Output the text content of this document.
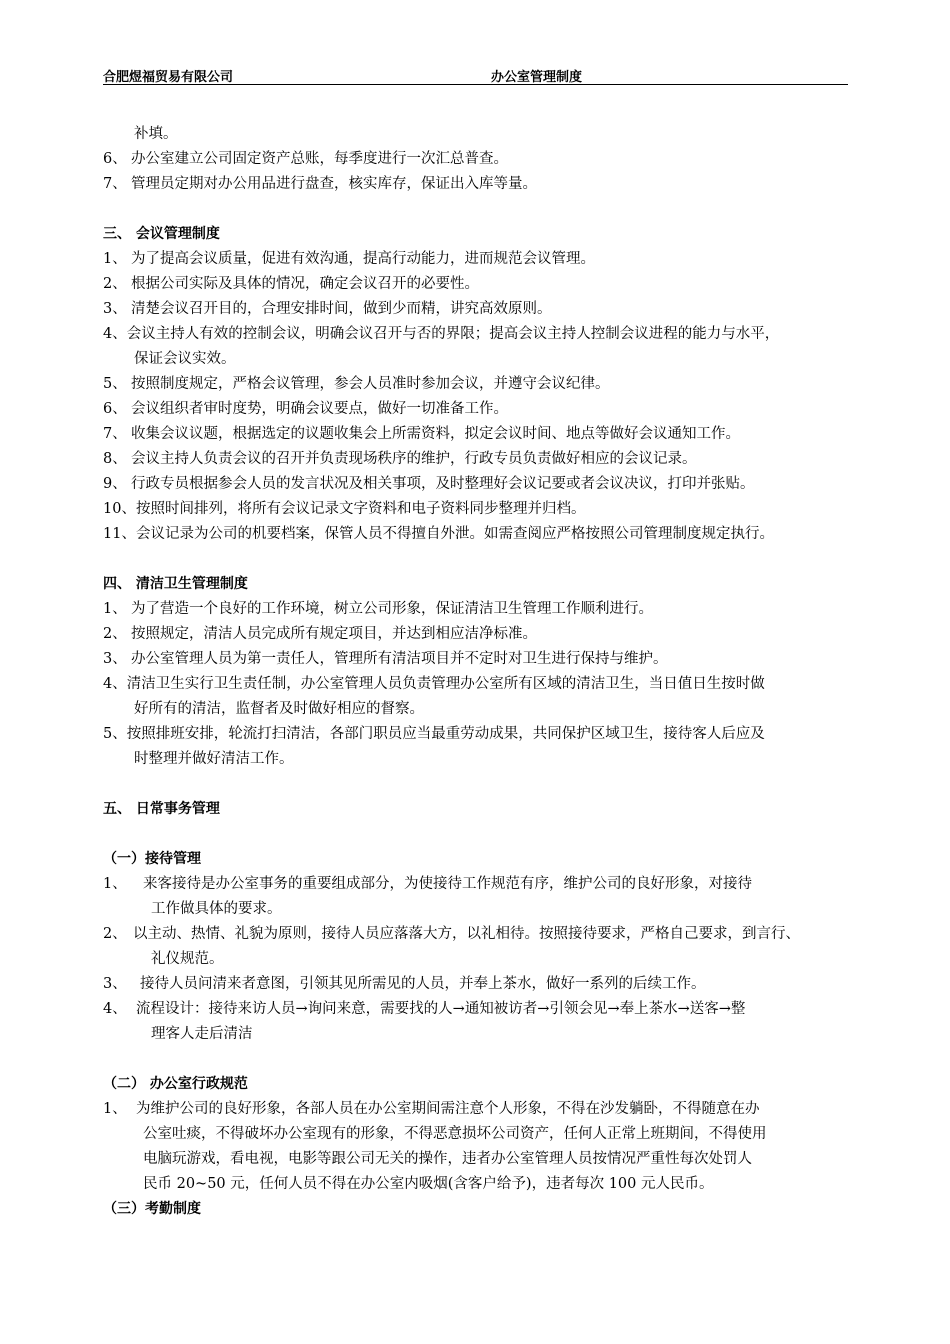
合肥煜福贸易有限公司	办公室管理制度
补填。
6、 办公室建立公司固定资产总账，每季度进行一次汇总普查。
7、 管理员定期对办公用品进行盘查，核实库存，保证出入库等量。
三、 会议管理制度
1、 为了提高会议质量，促进有效沟通，提高行动能力，进而规范会议管理。
2、 根据公司实际及具体的情况，确定会议召开的必要性。
3、 清楚会议召开目的，合理安排时间，做到少而精，讲究高效原则。
4、会议主持人有效的控制会议，明确会议召开与否的界限；提高会议主持人控制会议进程的能力与水平，
保证会议实效。
5、 按照制度规定，严格会议管理，参会人员准时参加会议，并遵守会议纪律。
6、 会议组织者审时度势，明确会议要点，做好一切准备工作。
7、 收集会议议题，根据选定的议题收集会上所需资料，拟定会议时间、地点等做好会议通知工作。
8、 会议主持人负责会议的召开并负责现场秩序的维护，行政专员负责做好相应的会议记录。
9、 行政专员根据参会人员的发言状况及相关事项，及时整理好会议记要或者会议决议，打印并张贴。
10、按照时间排列，将所有会议记录文字资料和电子资料同步整理并归档。
11、会议记录为公司的机要档案，保管人员不得擅自外泄。如需查阅应严格按照公司管理制度规定执行。
四、 清洁卫生管理制度
1、 为了营造一个良好的工作环境，树立公司形象，保证清洁卫生管理工作顺利进行。
2、 按照规定，清洁人员完成所有规定项目，并达到相应洁净标准。
3、 办公室管理人员为第一责任人，管理所有清洁项目并不定时对卫生进行保持与维护。
4、清洁卫生实行卫生责任制，办公室管理人员负责管理办公室所有区域的清洁卫生，当日值日生按时做
好所有的清洁，监督者及时做好相应的督察。
5、按照排班安排，轮流打扫清洁，各部门职员应当最重劳动成果，共同保护区域卫生，接待客人后应及
时整理并做好清洁工作。
五、 日常事务管理
（一）接待管理
1、 来客接待是办公室事务的重要组成部分，为使接待工作规范有序，维护公司的良好形象，对接待
工作做具体的要求。
2、 以主动、热情、礼貌为原则，接待人员应落落大方，以礼相待。按照接待要求，严格自己要求，到言行、
礼仪规范。
3、 接待人员问清来者意图，引领其见所需见的人员，并奉上茶水，做好一系列的后续工作。
4、 流程设计：接待来访人员→询问来意，需要找的人→通知被访者→引领会见→奉上茶水→送客→整
理客人走后清洁
（二） 办公室行政规范
1、 为维护公司的良好形象，各部人员在办公室期间需注意个人形象，不得在沙发躺卧，不得随意在办
公室吐痰，不得破坏办公室现有的形象，不得恶意损坏公司资产，任何人正常上班期间，不得使用
电脑玩游戏，看电视，电影等跟公司无关的操作，违者办公室管理人员按情况严重性每次处罚人
民币 20~50 元，任何人员不得在办公室内吸烟(含客户给予)，违者每次 100 元人民币。
（三）考勤制度
